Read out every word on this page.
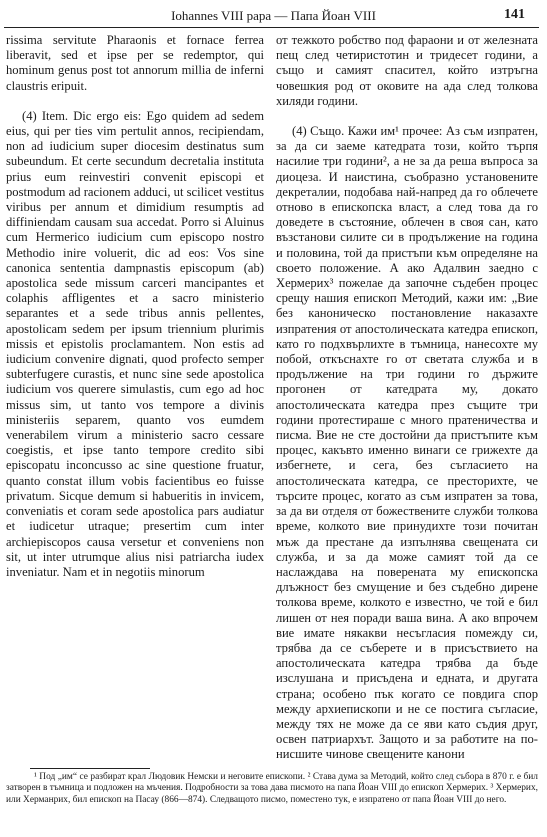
Iohannes VIII papa — Папа Йоан VIII	141

rissima servitute Pharaonis et fornace ferrea liberavit, sed et ipse per se redemptor, qui hominum genus post tot annorum millia de inferni claustris eripuit.

(4) Item. Dic ergo eis: Ego quidem ad sedem eius, qui per ties vim pertulit annos, recipiendam, non ad iudicium super diocesim destinatus sum subeundum. Et certe secundum decretalia instituta prius eum reinvestiri convenit episcopi et postmodum ad racionem adduci, ut scilicet vestitus viribus per annum et dimidium resumptis ad diffiniendam causam sua accedat. Porro si Aluinus cum Hermerico iudicium cum episcopo nostro Methodio inire voluerit, dic ad eos: Vos sine canonica sententia dampnastis episcopum (ab) apostolica sede missum carceri mancipantes et colaphis affligentes et a sacro ministerio separantes et a sede tribus annis pellentes, apostolicam sedem per ipsum triennium plurimis missis et epistolis proclamantem. Non estis ad iudicium convenire dignati, quod profecto semper subterfugere curastis, et nunc sine sede apostolica iudicium vos querere simulastis, cum ego ad hoc missus sim, ut tanto vos tempore a divinis ministeriis separem, quanto vos eumdem venerabilem virum a ministerio sacro cessare coegistis, et ipse tanto tempore credito sibi episcopatu inconcusso ac sine questione fruatur, quanto constat illum vobis facientibus eo fuisse privatum. Sicque demum si habueritis in invicem, conveniatis et coram sede apostolica pars audiatur et iudicetur utraque; presertim cum inter archiepiscopos causa versetur et conveniens non sit, ut inter utrumque alius nisi patriarcha iudex inveniatur. Nam et in negotiis minorum

от тежкото робство под фараони и от железната пещ след четиристотин и тридесет години, а също и самият спасител, който изтръгна човешкия род от оковите на ада след толкова хиляди години.

(4) Също. Кажи им¹ прочее: Аз съм изпратен, за да си заеме катедрата този, който търпя насилие три години², а не за да реша въпроса за диоцеза. И наистина, съобразно установените декреталии, подобава най-напред да го облечете отново в епископска власт, а след това да го доведете в състояние, облечен в своя сан, като възстанови силите си в продължение на година и половина, той да пристъпи към определяне на своето положение. А ако Адалвин заедно с Хермерих³ пожелае да започне съдебен процес срещу нашия епископ Методий, кажи им: „Вие без каноническо постановление наказахте изпратения от апостолическата катедра епископ, като го подхвърлихте в тъмница, нанесохте му побой, откъснахте го от светата служба и в продължение на три години го държите прогонен от катедрата му, докато апостолическата катедра през същите три години протестираше с много пратеничества и писма. Вие не сте достойни да пристъпите към процес, какъвто именно винаги се грижехте да избегнете, и сега, без съгласието на апостолическата катедра, се престорихте, че търсите процес, когато аз съм изпратен за това, за да ви отделя от божествените служби толкова време, колкото вие принудихте този почитан мъж да престане да изпълнява свещената си служба, и за да може самият той да се наслаждава на поверената му епископска длъжност без смущение и без съдебно дирене толкова време, колкото е известно, че той е бил лишен от нея поради ваша вина. А ако впрочем вие имате някакви несъгласия помежду си, трябва да се съберете и в присъствието на апостолическата катедра трябва да бъде изслушана и присъдена и едната, и другата страна; особено пък когато се повдига спор между архиепископи и не се постига съгласие, между тях не може да се яви като съдия друг, освен патриархът. Защото и за работите на по-нисшите чинове свещените канони

¹ Под „им“ се разбират крал Людовик Немски и неговите епископи. ² Става дума за Методий, който след събора в 870 г. е бил затворен в тъмница и подложен на мъчения. Подробности за това дава писмото на папа Йоан VIII до епископ Хермерих. ³ Хермерих, или Херманрих, бил епископ на Пасау (866—874). Следващото писмо, поместено тук, е изпратено от папа Йоан VIII до него.
